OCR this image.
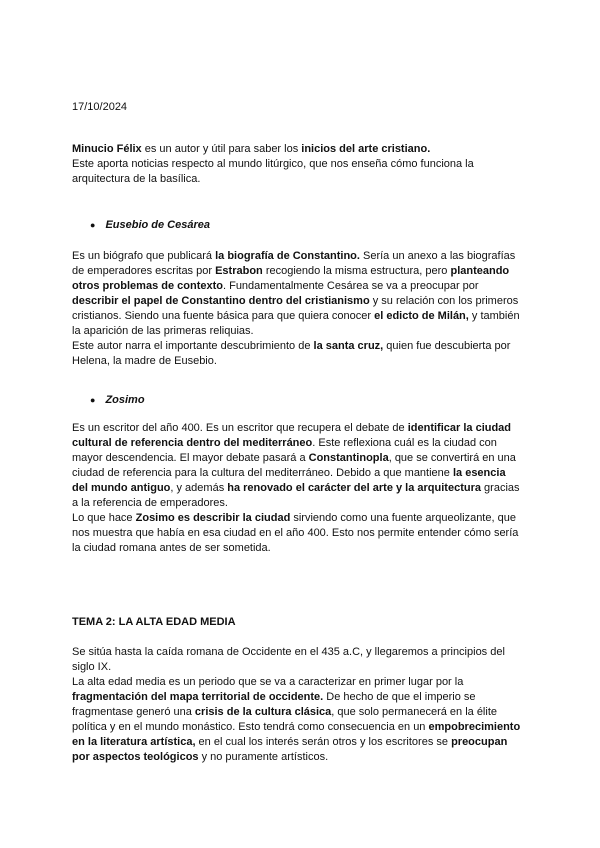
17/10/2024
Minucio Félix es un autor y útil para saber los inicios del arte cristiano.
Este aporta noticias respecto al mundo litúrgico, que nos enseña cómo funciona la
arquitectura de la basílica.
● Eusebio de Cesárea
Es un biógrafo que publicará la biografía de Constantino. Sería un anexo a las biografías
de emperadores escritas por Estrabon recogiendo la misma estructura, pero planteando
otros problemas de contexto. Fundamentalmente Cesárea se va a preocupar por
describir el papel de Constantino dentro del cristianismo y su relación con los primeros
cristianos. Siendo una fuente básica para que quiera conocer el edicto de Milán, y también
la aparición de las primeras reliquias.
Este autor narra el importante descubrimiento de la santa cruz, quien fue descubierta por
Helena, la madre de Eusebio.
● Zosimo
Es un escritor del año 400. Es un escritor que recupera el debate de identificar la ciudad
cultural de referencia dentro del mediterráneo. Este reflexiona cuál es la ciudad con
mayor descendencia. El mayor debate pasará a Constantinopla, que se convertirá en una
ciudad de referencia para la cultura del mediterráneo. Debido a que mantiene la esencia
del mundo antiguo, y además ha renovado el carácter del arte y la arquitectura gracias
a la referencia de emperadores.
Lo que hace Zosimo es describir la ciudad sirviendo como una fuente arqueolizante, que
nos muestra que había en esa ciudad en el año 400. Esto nos permite entender cómo sería
la ciudad romana antes de ser sometida.
TEMA 2: LA ALTA EDAD MEDIA
Se sitúa hasta la caída romana de Occidente en el 435 a.C, y llegaremos a principios del
siglo IX.
La alta edad media es un periodo que se va a caracterizar en primer lugar por la
fragmentación del mapa territorial de occidente. De hecho de que el imperio se
fragmentase generó una crisis de la cultura clásica, que solo permanecerá en la élite
política y en el mundo monástico. Esto tendrá como consecuencia en un empobrecimiento
en la literatura artística, en el cual los interés serán otros y los escritores se preocupan
por aspectos teológicos y no puramente artísticos.
